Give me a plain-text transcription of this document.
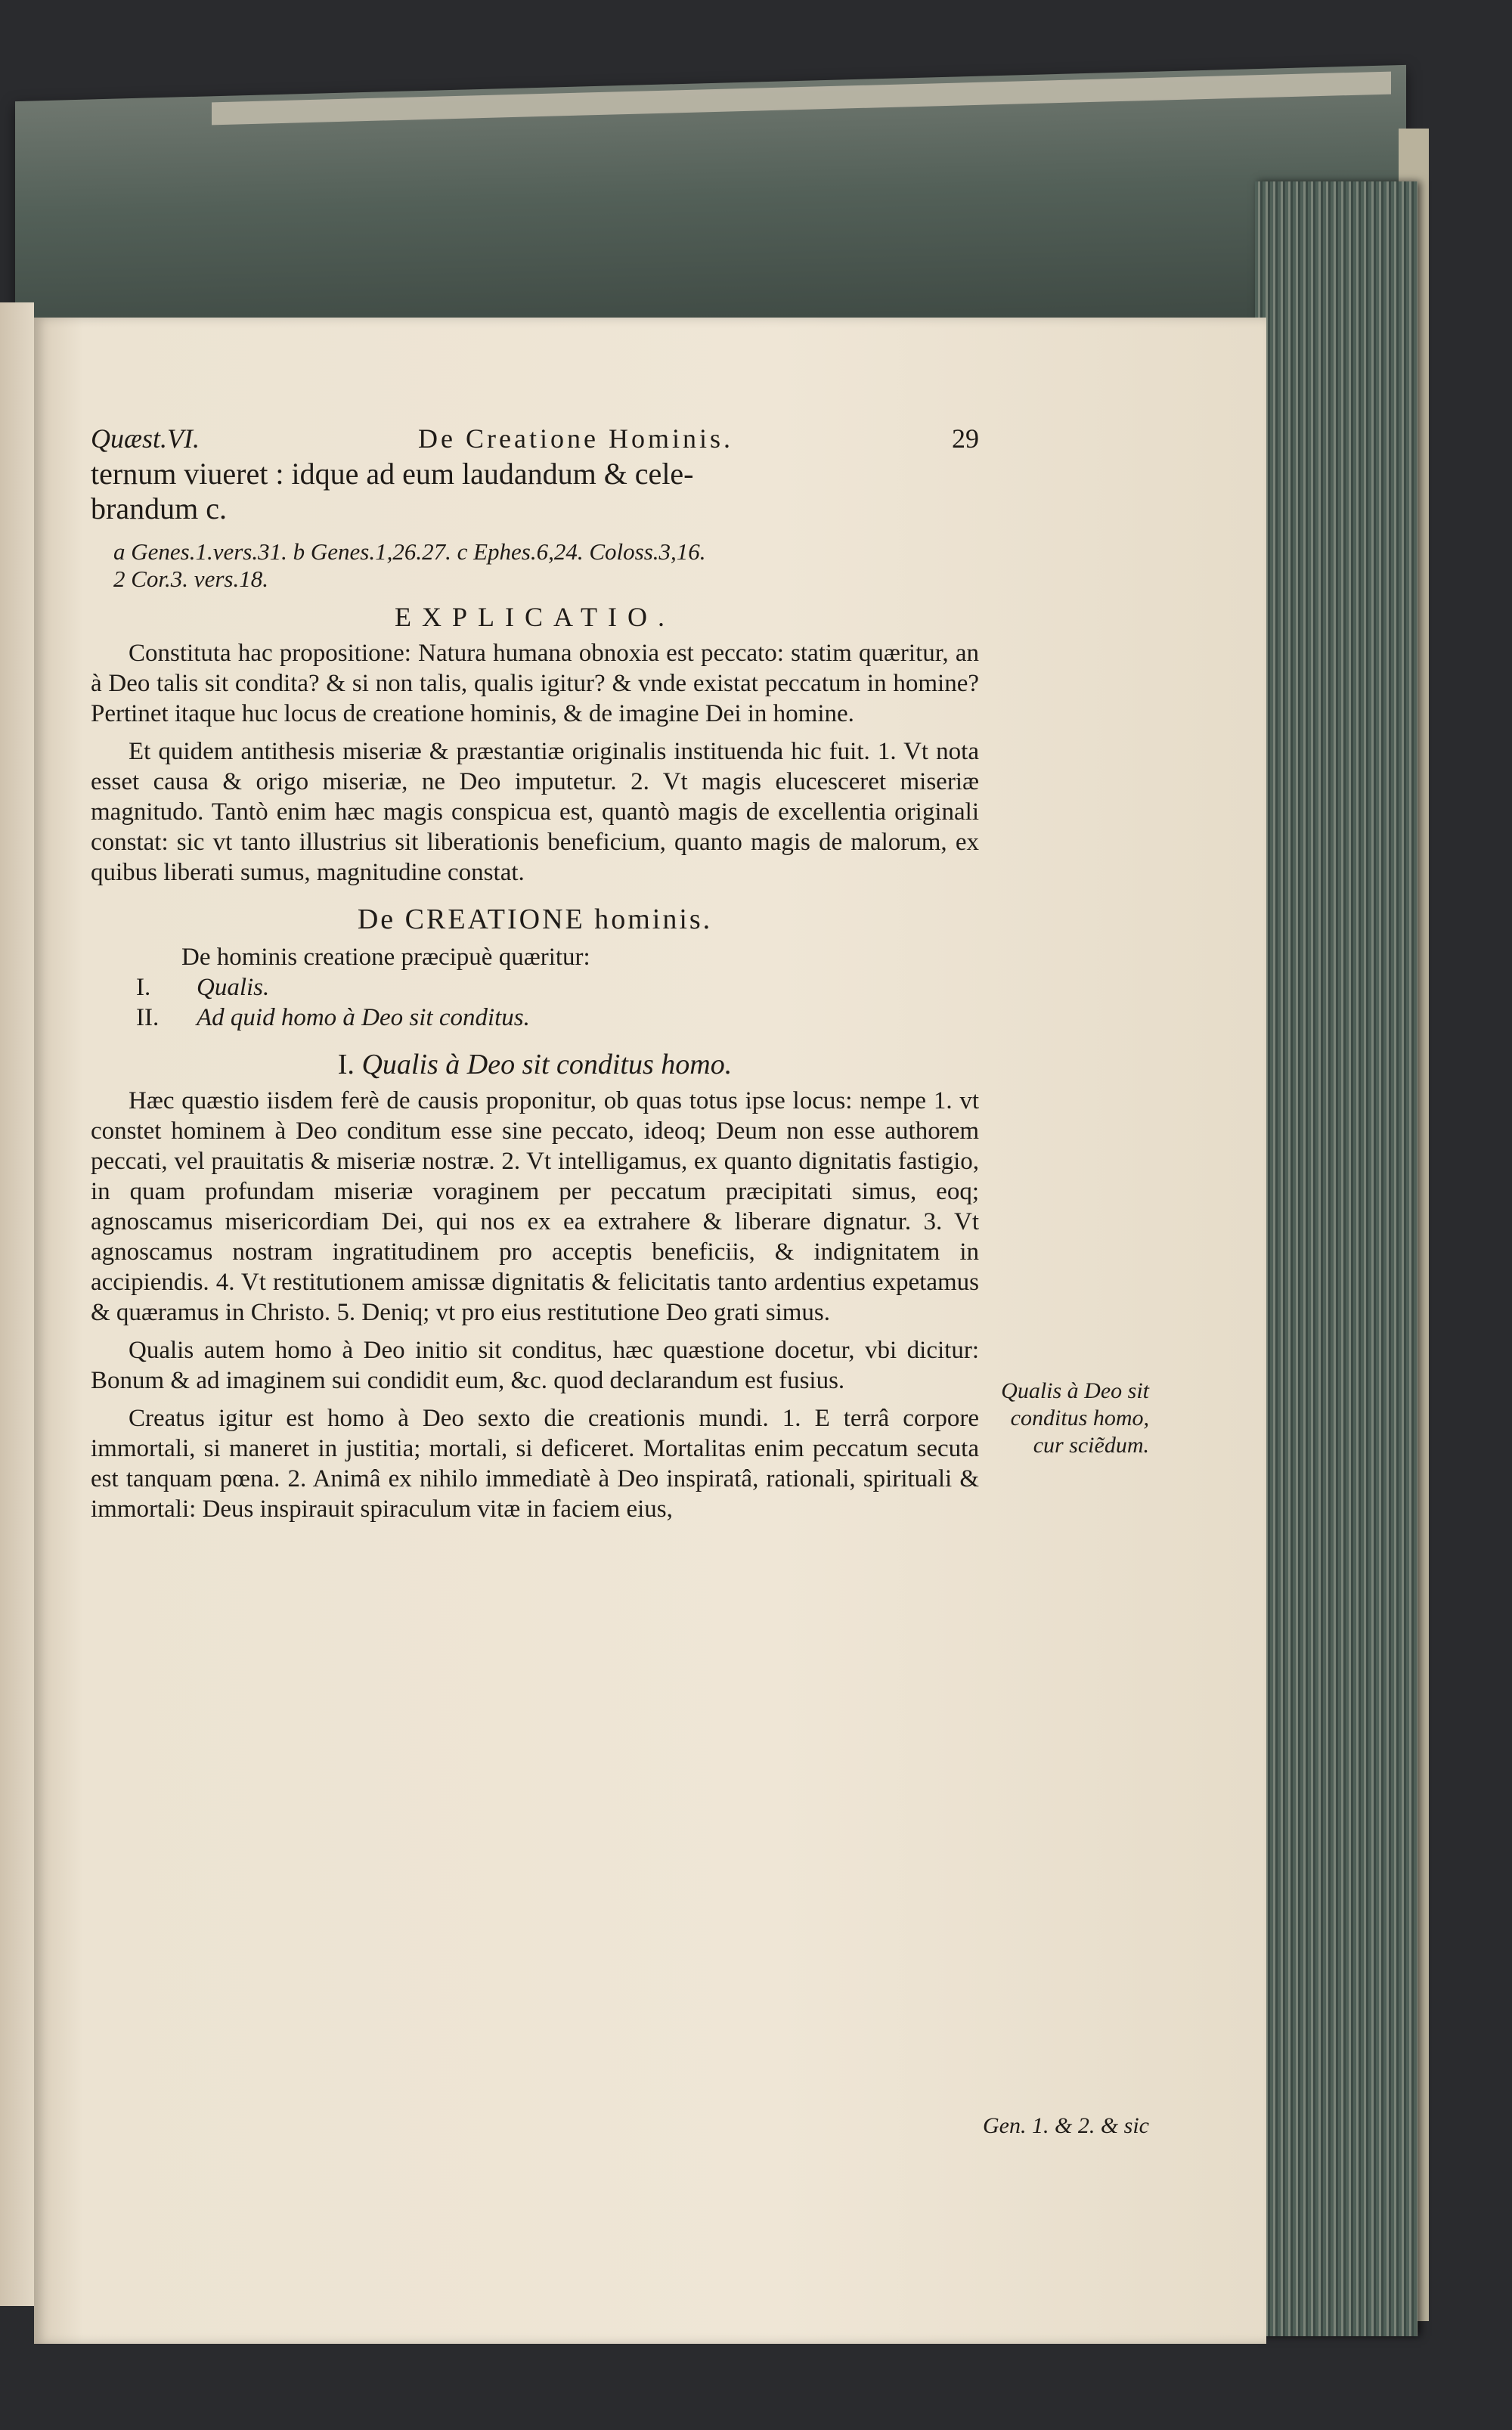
Quæst.VI.	De Creatione Hominis.	29
ternum viueret : idque ad eum laudandum & cele-
brandum c.
a Genes.1.vers.31. b Genes.1,26.27. c Ephes.6,24. Coloss.3,16.
2 Cor.3. vers.18.
EXPLICATIO.

Constituta hac propositione: Natura humana obnoxia est peccato: statim quæritur, an à Deo talis sit condita? & si non talis, qualis igitur? & vnde existat peccatum in homine? Pertinet itaque huc locus de creatione hominis, & de imagine Dei in homine.

Et quidem antithesis miseriæ & præstantiæ originalis instituenda hic fuit. 1. Vt nota esset causa & origo miseriæ, ne Deo imputetur. 2. Vt magis elucesceret miseriæ magnitudo. Tantò enim hæc magis conspicua est, quantò magis de excellentia originali constat: sic vt tanto illustrius sit liberationis beneficium, quanto magis de malorum, ex quibus liberati sumus, magnitudine constat.

De CREATIONE hominis.
De hominis creatione præcipuè quæritur:
I. Qualis.
II. Ad quid homo à Deo sit conditus.
I. Qualis à Deo sit conditus homo.

Hæc quæstio iisdem ferè de causis proponitur, ob quas totus ipse locus: nempe 1. vt constet hominem à Deo conditum esse sine peccato, ideoq; Deum non esse authorem peccati, vel prauitatis & miseriæ nostræ. 2. Vt intelligamus, ex quanto dignitatis fastigio, in quam profundam miseriæ voraginem per peccatum præcipitati simus, eoq; agnoscamus misericordiam Dei, qui nos ex ea extrahere & liberare dignatur. 3. Vt agnoscamus nostram ingratitudinem pro acceptis beneficiis, & indignitatem in accipiendis. 4. Vt restitutionem amissæ dignitatis & felicitatis tanto ardentius expetamus & quæramus in Christo. 5. Deniq; vt pro eius restitutione Deo grati simus.

Qualis autem homo à Deo initio sit conditus, hæc quæstione docetur, vbi dicitur: Bonum & ad imaginem sui condidit eum, &c. quod declarandum est fusius.

Creatus igitur est homo à Deo sexto die creationis mundi. 1. E terrâ corpore immortali, si maneret in justitia; mortali, si deficeret. Mortalitas enim peccatum secuta est tanquam pœna. 2. Animâ ex nihilo immediatè à Deo inspiratâ, rationali, spirituali & immortali: Deus inspirauit spiraculum vitæ in faciem eius,

Qualis à Deo sit conditus homo, cur sciẽdum.
Gen. 1. & 2. & sic
